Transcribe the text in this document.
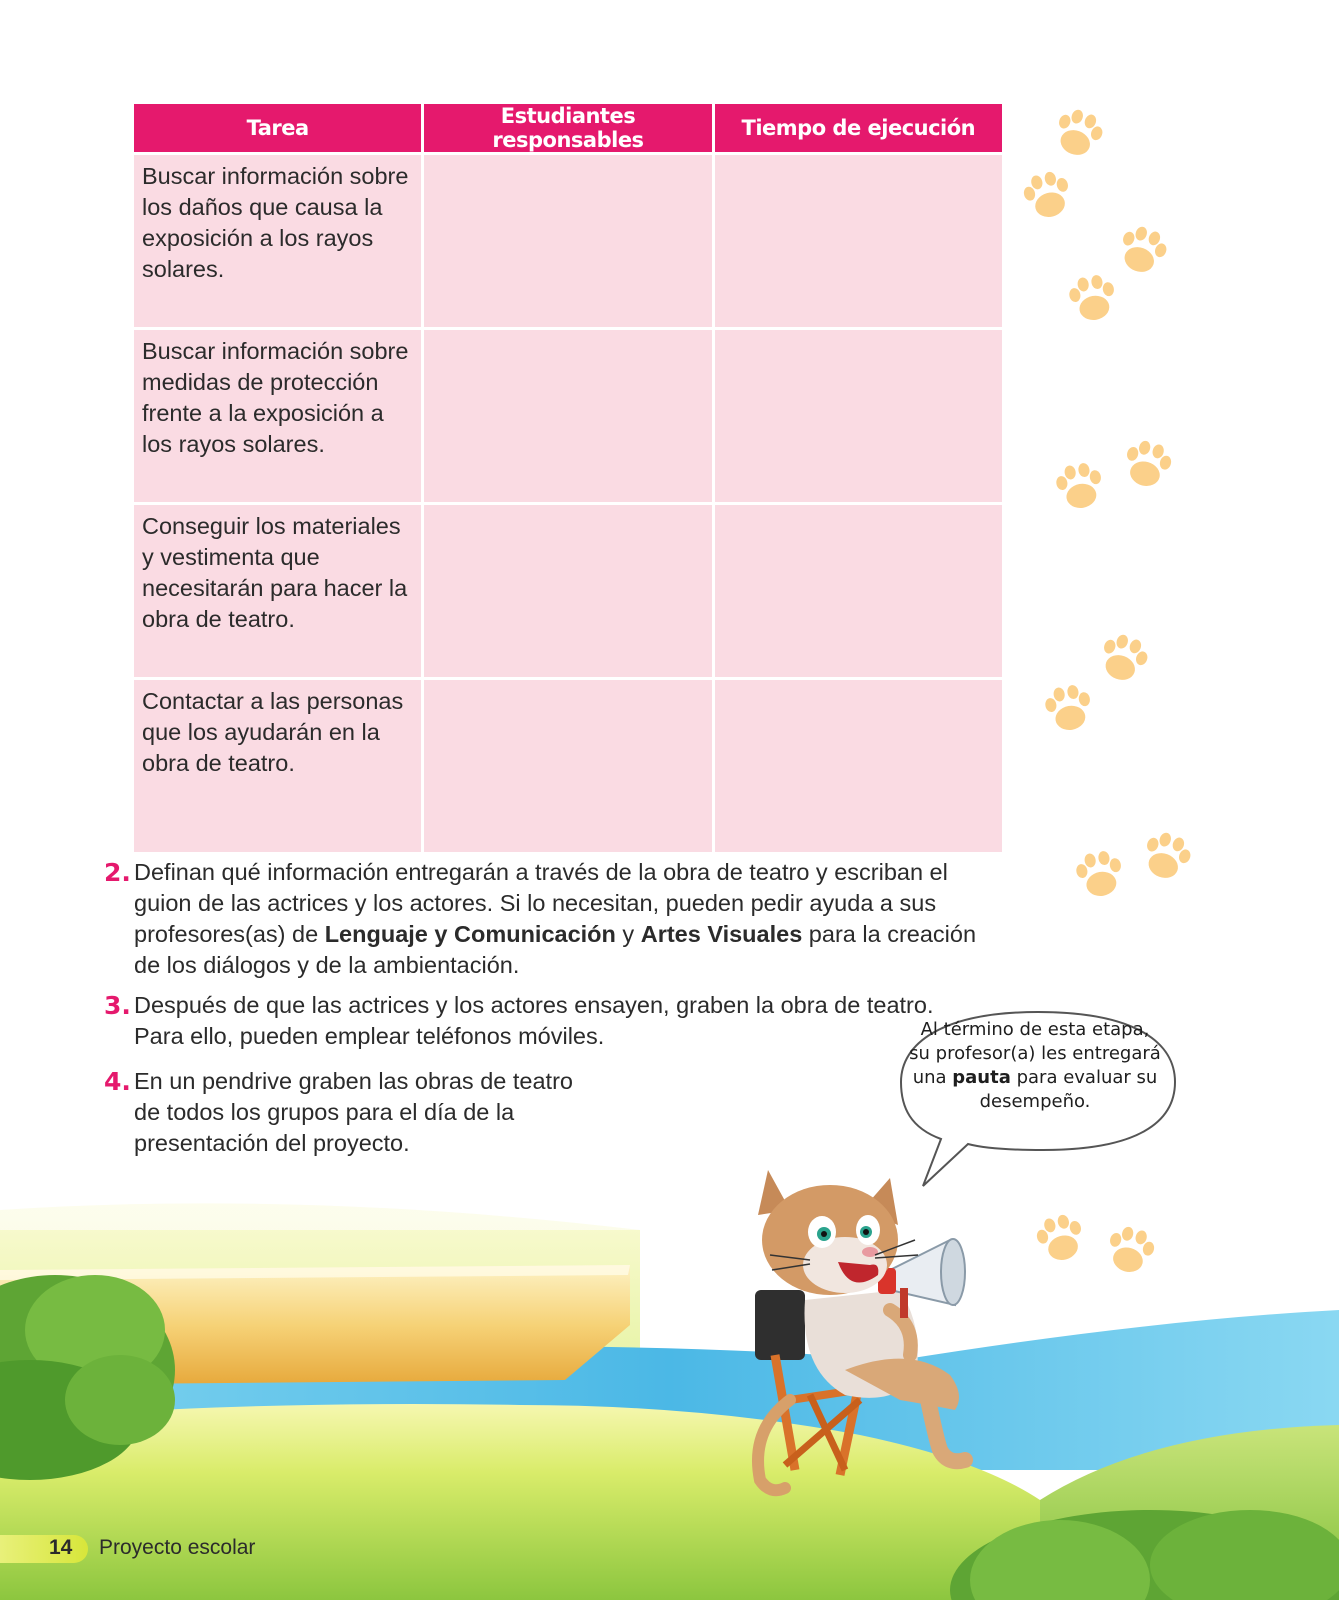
Tarea	Estudiantes responsables	Tiempo de ejecución
Buscar información sobre los daños que causa la exposición a los rayos solares.		
Buscar información sobre medidas de protección frente a la exposición a los rayos solares.		
Conseguir los materiales y vestimenta que necesitarán para hacer la obra de teatro.		
Contactar a las personas que los ayudarán en la obra de teatro.		
2. Definan qué información entregarán a través de la obra de teatro y escriban el guion de las actrices y los actores. Si lo necesitan, pueden pedir ayuda a sus profesores(as) de Lenguaje y Comunicación y Artes Visuales para la creación de los diálogos y de la ambientación.
3. Después de que las actrices y los actores ensayen, graben la obra de teatro.
Para ello, pueden emplear teléfonos móviles.
4. En un pendrive graben las obras de teatro
de todos los grupos para el día de la
presentación del proyecto.
Al término de esta etapa,
su profesor(a) les entregará
una pauta para evaluar su
desempeño.
14 Proyecto escolar
